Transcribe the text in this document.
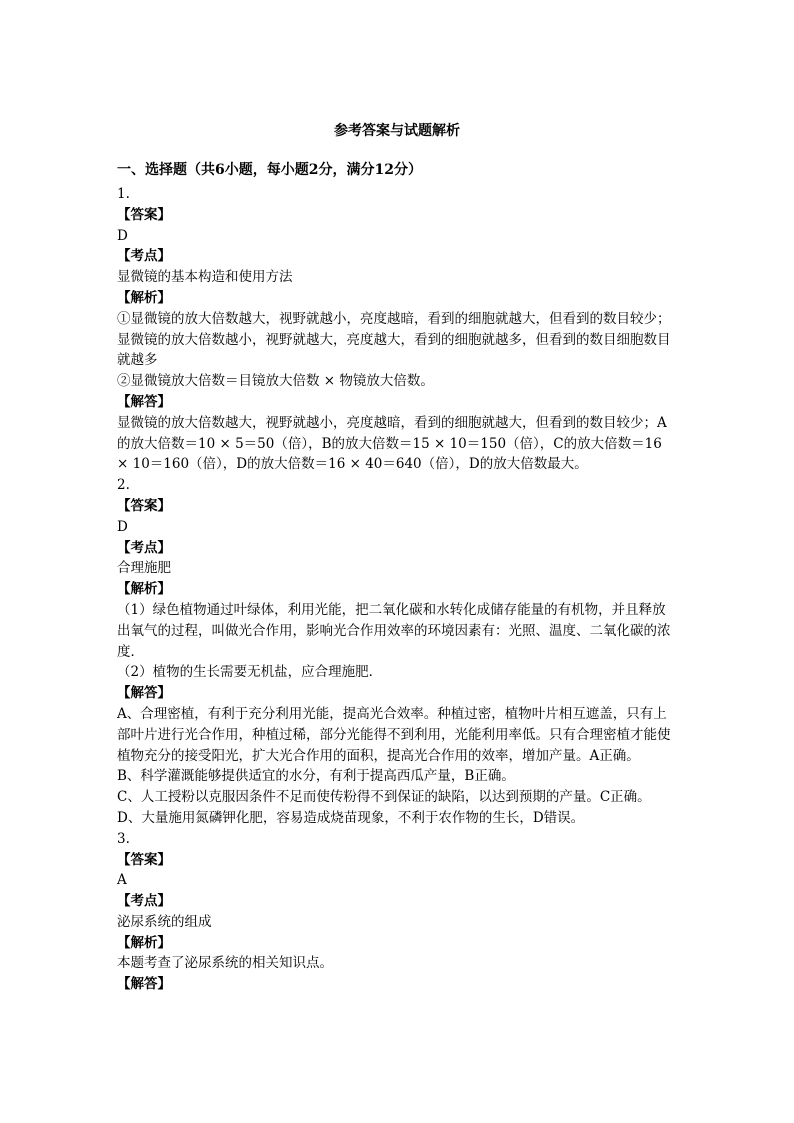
参考答案与试题解析
一、选择题（共6小题，每小题2分，满分12分）
1.
【答案】
D
【考点】
显微镜的基本构造和使用方法
【解析】
①显微镜的放大倍数越大，视野就越小，亮度越暗，看到的细胞就越大，但看到的数目较少；显微镜的放大倍数越小，视野就越大，亮度越大，看到的细胞就越多，但看到的数目细胞数目就越多
②显微镜放大倍数＝目镜放大倍数 × 物镜放大倍数。
【解答】
显微镜的放大倍数越大，视野就越小，亮度越暗，看到的细胞就越大，但看到的数目较少；A的放大倍数＝10 × 5＝50（倍），B的放大倍数＝15 × 10＝150（倍），C的放大倍数＝16 × 10＝160（倍），D的放大倍数＝16 × 40＝640（倍），D的放大倍数最大。
2.
【答案】
D
【考点】
合理施肥
【解析】
（1）绿色植物通过叶绿体，利用光能，把二氧化碳和水转化成储存能量的有机物，并且释放出氧气的过程，叫做光合作用，影响光合作用效率的环境因素有：光照、温度、二氧化碳的浓度．
（2）植物的生长需要无机盐，应合理施肥．
【解答】
A、合理密植，有利于充分利用光能，提高光合效率。种植过密，植物叶片相互遮盖，只有上部叶片进行光合作用，种植过稀，部分光能得不到利用，光能利用率低。只有合理密植才能使植物充分的接受阳光，扩大光合作用的面积，提高光合作用的效率，增加产量。A正确。
B、科学灌溉能够提供适宜的水分，有利于提高西瓜产量，B正确。
C、人工授粉以克服因条件不足而使传粉得不到保证的缺陷，以达到预期的产量。C正确。
D、大量施用氮磷钾化肥，容易造成烧苗现象，不利于农作物的生长，D错误。
3.
【答案】
A
【考点】
泌尿系统的组成
【解析】
本题考查了泌尿系统的相关知识点。
【解答】
